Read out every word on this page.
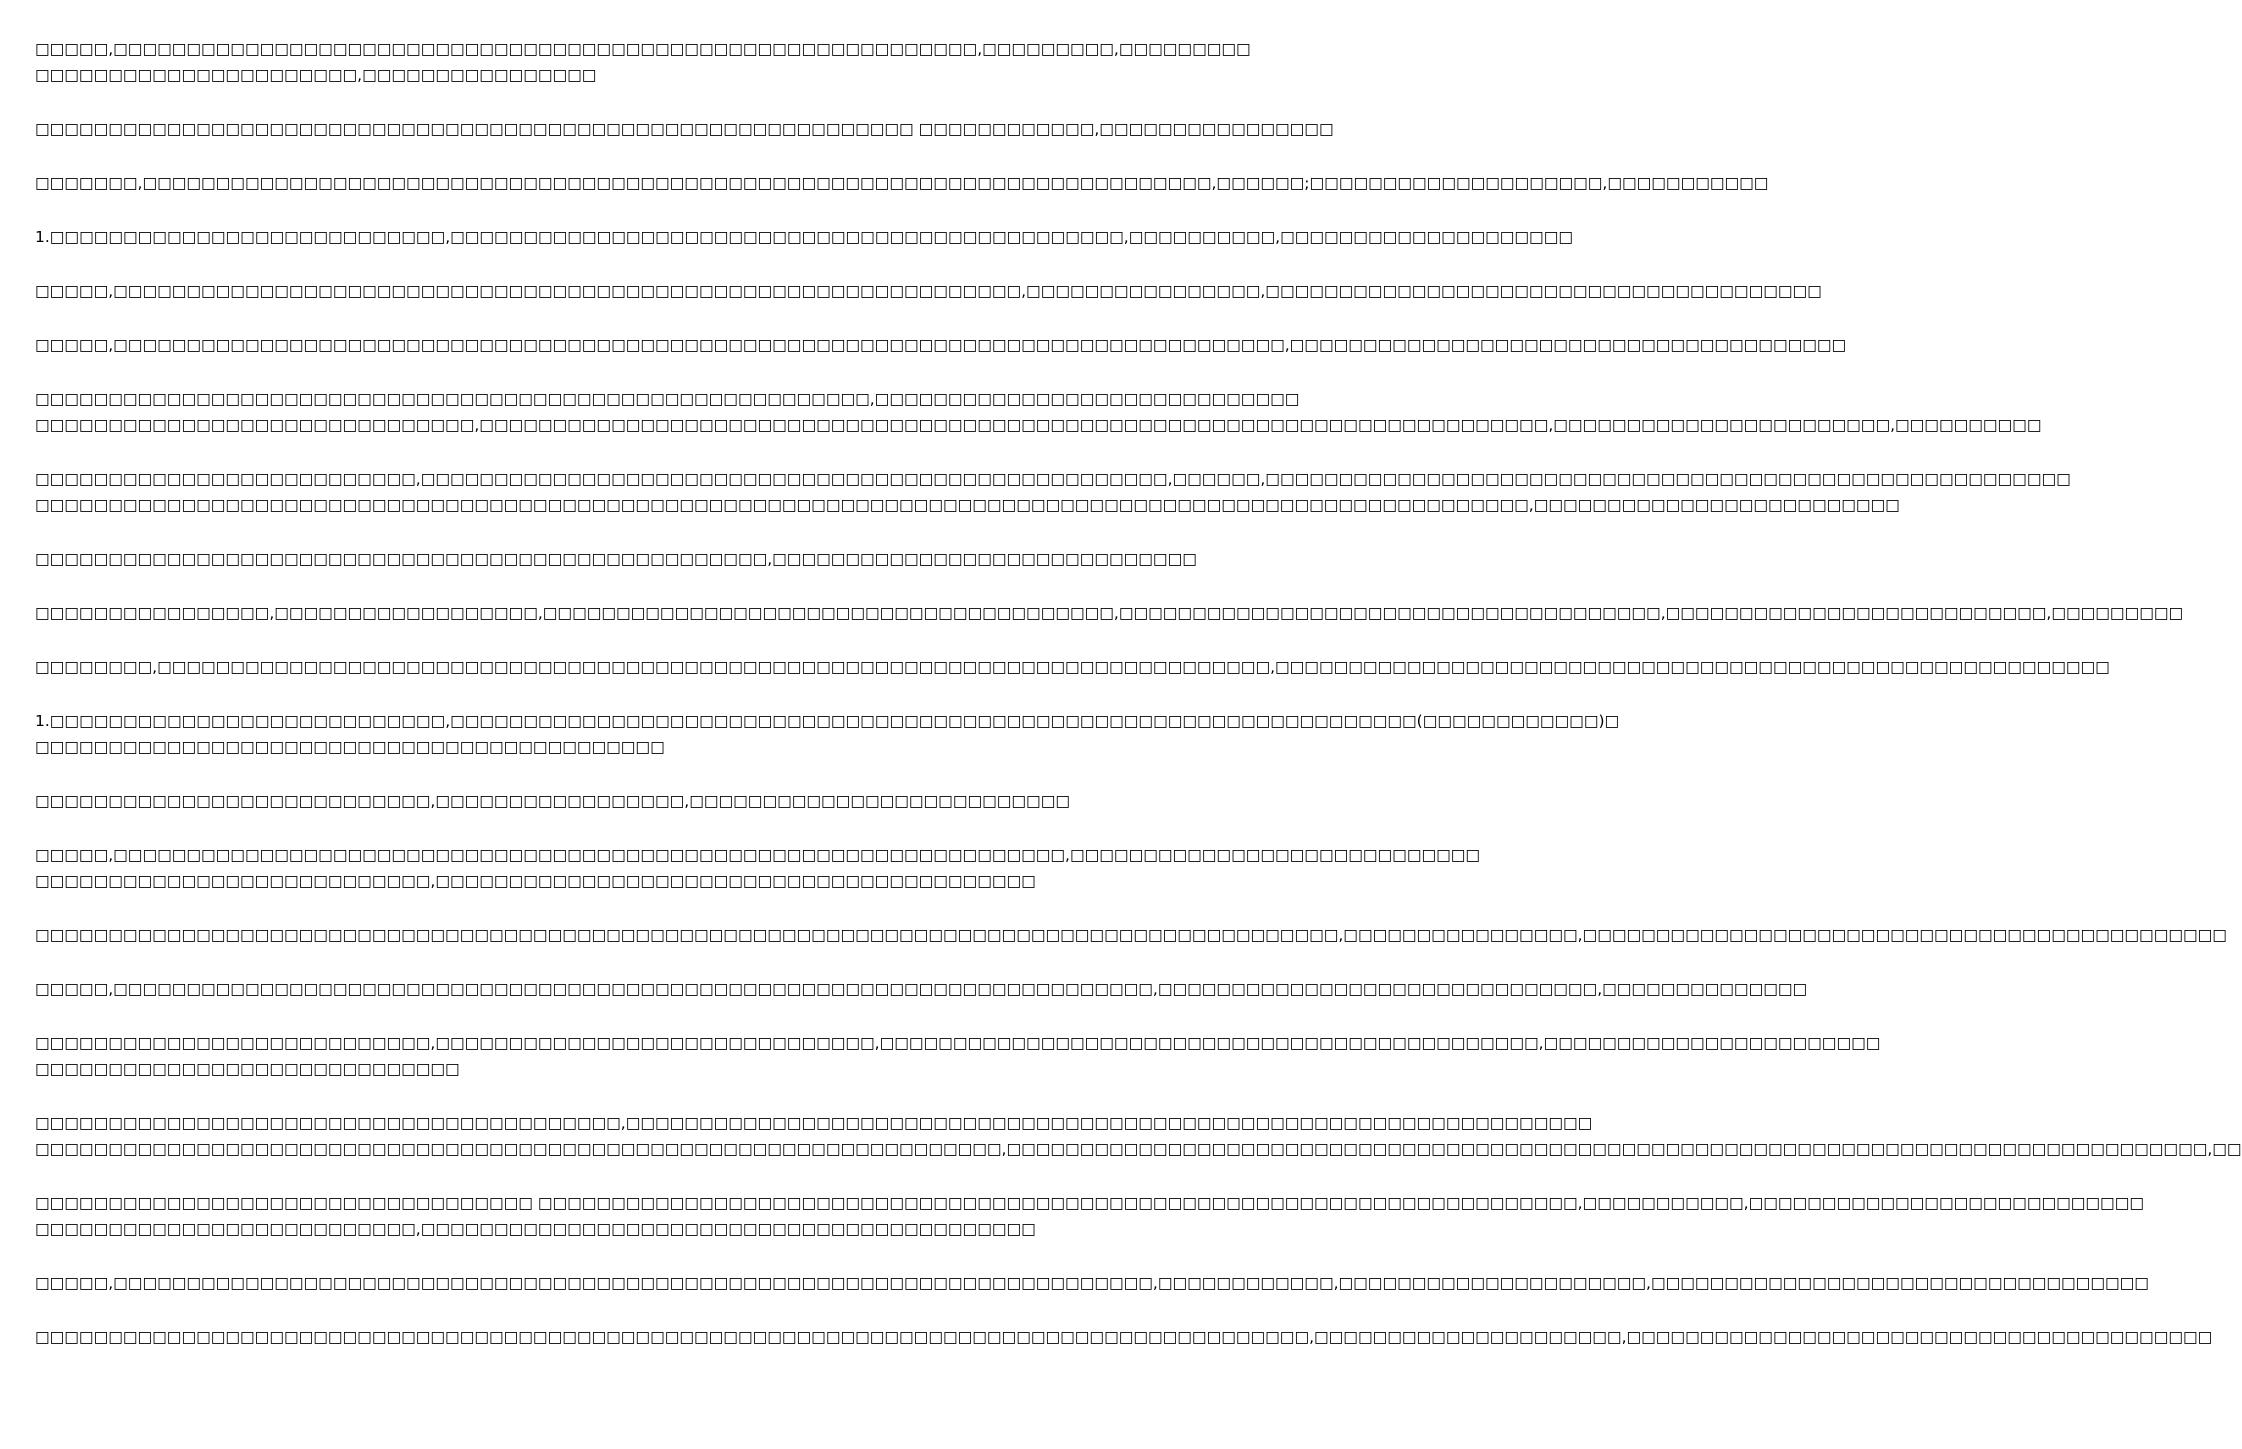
□□□□□,□□□□□□□□□□□□□□□□□□□□□□□□□□□□□□□□□□□□□□□□□□□□□□□□□□□□□□□□□□□,□□□□□□□□□,□□□□□□□□□
□□□□□□□□□□□□□□□□□□□□□□,□□□□□□□□□□□□□□□□

□□□□□□□□□□□□□□□□□□□□□□□□□□□□□□□□□□□□□□□□□□□□□□□□□□□□□□□□□□□□ □□□□□□□□□□□□,□□□□□□□□□□□□□□□□

□□□□□□□,□□□□□□□□□□□□□□□□□□□□□□□□□□□□□□□□□□□□□□□□□□□□□□□□□□□□□□□□□□□□□□□□□□□□□□□□□,□□□□□□;□□□□□□□□□□□□□□□□□□□□,□□□□□□□□□□□

1.□□□□□□□□□□□□□□□□□□□□□□□□□□□,□□□□□□□□□□□□□□□□□□□□□□□□□□□□□□□□□□□□□□□□□□□□□□,□□□□□□□□□□,□□□□□□□□□□□□□□□□□□□□

□□□□□,□□□□□□□□□□□□□□□□□□□□□□□□□□□□□□□□□□□□□□□□□□□□□□□□□□□□□□□□□□□□□□,□□□□□□□□□□□□□□□□,□□□□□□□□□□□□□□□□□□□□□□□□□□□□□□□□□□□□□□

□□□□□,□□□□□□□□□□□□□□□□□□□□□□□□□□□□□□□□□□□□□□□□□□□□□□□□□□□□□□□□□□□□□□□□□□□□□□□□□□□□□□□□,□□□□□□□□□□□□□□□□□□□□□□□□□□□□□□□□□□□□□□

□□□□□□□□□□□□□□□□□□□□□□□□□□□□□□□□□□□□□□□□□□□□□□□□□□□□□□□□□,□□□□□□□□□□□□□□□□□□□□□□□□□□□□□
□□□□□□□□□□□□□□□□□□□□□□□□□□□□□□,□□□□□□□□□□□□□□□□□□□□□□□□□□□□□□□□□□□□□□□□□□□□□□□□□□□□□□□□□□□□□□□□□□□□□□□□□,□□□□□□□□□□□□□□□□□□□□□□□,□□□□□□□□□□

□□□□□□□□□□□□□□□□□□□□□□□□□□,□□□□□□□□□□□□□□□□□□□□□□□□□□□□□□□□□□□□□□□□□□□□□□□□□□□,□□□□□□,□□□□□□□□□□□□□□□□□□□□□□□□□□□□□□□□□□□□□□□□□□□□□□□□□□□□□□□
□□□□□□□□□□□□□□□□□□□□□□□□□□□□□□□□□□□□□□□□□□□□□□□□□□□□□□□□□□□□□□□□□□□□□□□□□□□□□□□□□□□□□□□□□□□□□□□□□□□□□□,□□□□□□□□□□□□□□□□□□□□□□□□□

□□□□□□□□□□□□□□□□□□□□□□□□□□□□□□□□□□□□□□□□□□□□□□□□□□,□□□□□□□□□□□□□□□□□□□□□□□□□□□□□

□□□□□□□□□□□□□□□□,□□□□□□□□□□□□□□□□□□,□□□□□□□□□□□□□□□□□□□□□□□□□□□□□□□□□□□□□□□,□□□□□□□□□□□□□□□□□□□□□□□□□□□□□□□□□□□□□,□□□□□□□□□□□□□□□□□□□□□□□□□□,□□□□□□□□□

□□□□□□□□,□□□□□□□□□□□□□□□□□□□□□□□□□□□□□□□□□□□□□□□□□□□□□□□□□□□□□□□□□□□□□□□□□□□□□□□□□□□□,□□□□□□□□□□□□□□□□□□□□□□□□□□□□□□□□□□□□□□□□□□□□□□□□□□□□□□□□□

1.□□□□□□□□□□□□□□□□□□□□□□□□□□□,□□□□□□□□□□□□□□□□□□□□□□□□□□□□□□□□□□□□□□□□□□□□□□□□□□□□□□□□□□□□□□□□□□(□□□□□□□□□□□□)□
□□□□□□□□□□□□□□□□□□□□□□□□□□□□□□□□□□□□□□□□□□□

□□□□□□□□□□□□□□□□□□□□□□□□□□□,□□□□□□□□□□□□□□□□□,□□□□□□□□□□□□□□□□□□□□□□□□□□

□□□□□,□□□□□□□□□□□□□□□□□□□□□□□□□□□□□□□□□□□□□□□□□□□□□□□□□□□□□□□□□□□□□□□□□,□□□□□□□□□□□□□□□□□□□□□□□□□□□□
□□□□□□□□□□□□□□□□□□□□□□□□□□□,□□□□□□□□□□□□□□□□□□□□□□□□□□□□□□□□□□□□□□□□□

□□□□□□□□□□□□□□□□□□□□□□□□□□□□□□□□□□□□□□□□□□□□□□□□□□□□□□□□□□□□□□□□□□□□□□□□□□□□□□□□□□□□□□□□□,□□□□□□□□□□□□□□□□,□□□□□□□□□□□□□□□□□□□□□□□□□□□□□□□□□□□□□□□□□□□□

□□□□□,□□□□□□□□□□□□□□□□□□□□□□□□□□□□□□□□□□□□□□□□□□□□□□□□□□□□□□□□□□□□□□□□□□□□□□□,□□□□□□□□□□□□□□□□□□□□□□□□□□□□□□,□□□□□□□□□□□□□□

□□□□□□□□□□□□□□□□□□□□□□□□□□□,□□□□□□□□□□□□□□□□□□□□□□□□□□□□□□,□□□□□□□□□□□□□□□□□□□□□□□□□□□□□□□□□□□□□□□□□□□□□,□□□□□□□□□□□□□□□□□□□□□□□
□□□□□□□□□□□□□□□□□□□□□□□□□□□□□

□□□□□□□□□□□□□□□□□□□□□□□□□□□□□□□□□□□□□□□□,□□□□□□□□□□□□□□□□□□□□□□□□□□□□□□□□□□□□□□□□□□□□□□□□□□□□□□□□□□□□□□□□□□
□□□□□□□□□□□□□□□□□□□□□□□□□□□□□□□□□□□□□□□□□□□□□□□□□□□□□□□□□□□□□□□□□□,□□□□□□□□□□□□□□□□□□□□□□□□□□□□□□□□□□□□□□□□□□□□□□□□□□□□□□□□□□□□□□□□□□□□□□□□□□□□□□□□□□,□□

□□□□□□□□□□□□□□□□□□□□□□□□□□□□□□□□□□ □□□□□□□□□□□□□□□□□□□□□□□□□□□□□□□□□□□□□□□□□□□□□□□□□□□□□□□□□□□□□□□□□□□□□□□,□□□□□□□□□□□,□□□□□□□□□□□□□□□□□□□□□□□□□□□
□□□□□□□□□□□□□□□□□□□□□□□□□□,□□□□□□□□□□□□□□□□□□□□□□□□□□□□□□□□□□□□□□□□□□

□□□□□,□□□□□□□□□□□□□□□□□□□□□□□□□□□□□□□□□□□□□□□□□□□□□□□□□□□□□□□□□□□□□□□□□□□□□□□,□□□□□□□□□□□□,□□□□□□□□□□□□□□□□□□□□□,□□□□□□□□□□□□□□□□□□□□□□□□□□□□□□□□□□

□□□□□□□□□□□□□□□□□□□□□□□□□□□□□□□□□□□□□□□□□□□□□□□□□□□□□□□□□□□□□□□□□□□□□□□□□□□□□□□□□□□□□□□,□□□□□□□□□□□□□□□□□□□□□,□□□□□□□□□□□□□□□□□□□□□□□□□□□□□□□□□□□□□□□□
